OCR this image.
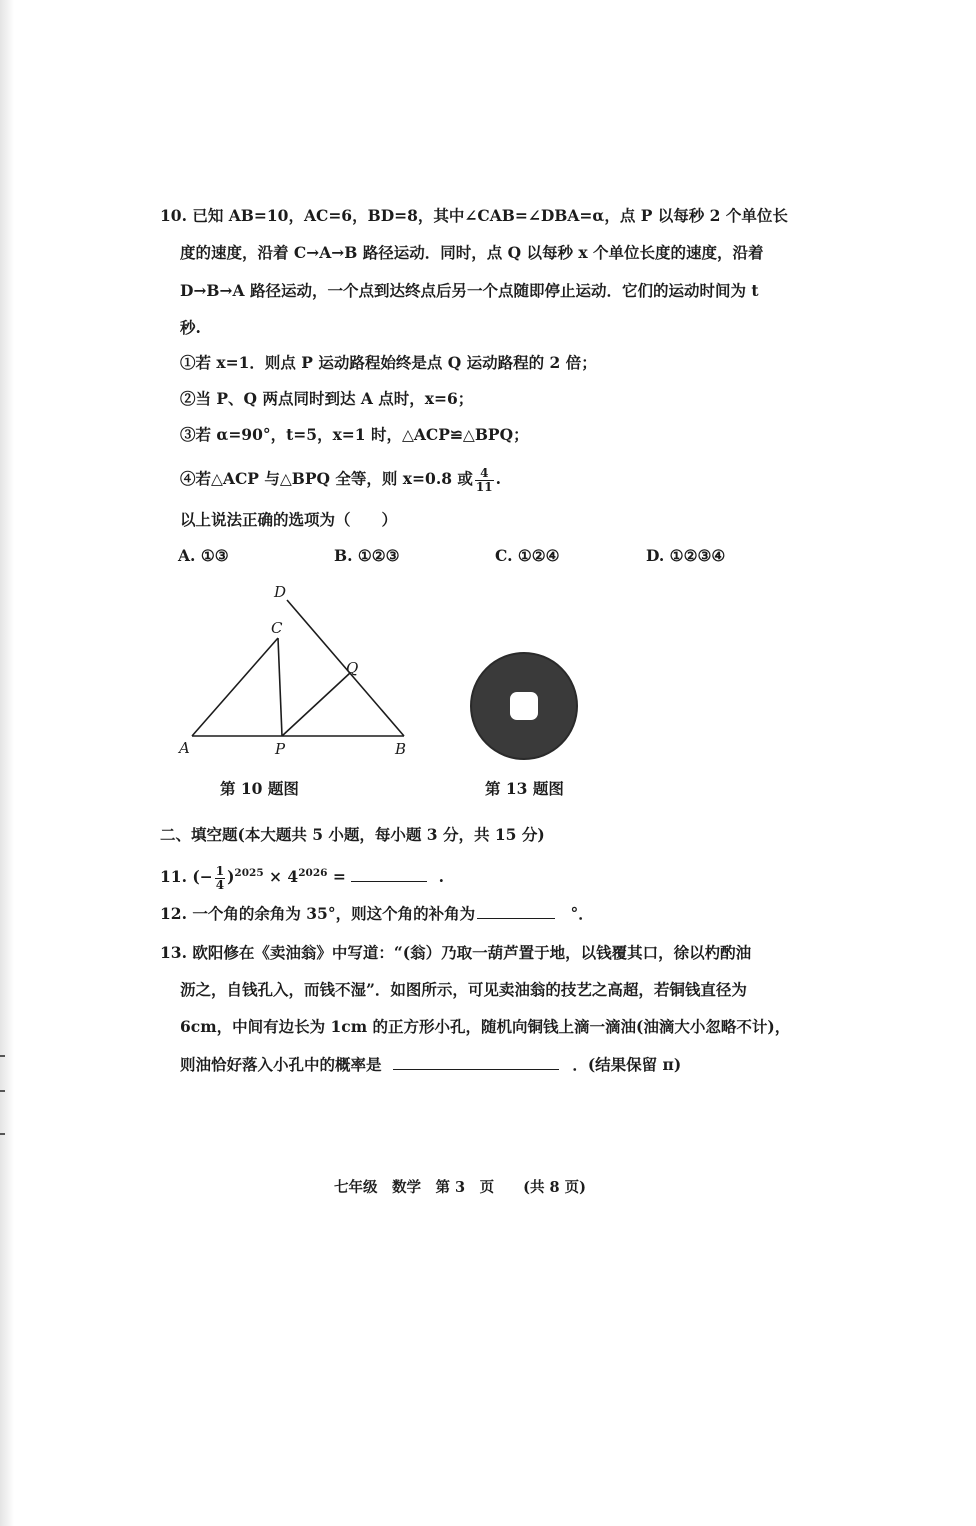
10. 已知 AB=10，AC=6，BD=8，其中∠CAB=∠DBA=α，点 P 以每秒 2 个单位长
度的速度，沿着 C→A→B 路径运动．同时，点 Q 以每秒 x 个单位长度的速度，沿着
D→B→A 路径运动，一个点到达终点后另一个点随即停止运动．它们的运动时间为 t
秒.
①若 x=1．则点 P 运动路程始终是点 Q 运动路程的 2 倍；
②当 P、Q 两点同时到达 A 点时，x=6；
③若 α=90°，t=5，x=1 时，△ACP≌△BPQ；
④若△ACP 与△BPQ 全等，则 x=0.8 或 $\frac{4}{11}$ .
以上说法正确的选项为（　　）
A. ①③	B. ①②③	C. ①②④	D. ①②③④
D
C
Q
A	P	B
第 10 题图	第 13 题图
二、填空题(本大题共 5 小题，每小题 3 分，共 15 分)
11. (− $\frac{1}{4} )^{2025} \times 4^{2026}$ =	.
12. 一个角的余角为 35°，则这个角的补角为	°．
13. 欧阳修在《卖油翁》中写道：“(翁）乃取一葫芦置于地，以钱覆其口，徐以杓酌油
沥之，自钱孔入，而钱不湿”．如图所示，可见卖油翁的技艺之高超，若铜钱直径为
6cm，中间有边长为 1cm 的正方形小孔，随机向铜钱上滴一滴油(油滴大小忽略不计)，
则油恰好落入小孔中的概率是	．(结果保留 π)
七年级　数学　第 3　页　　(共 8 页)
